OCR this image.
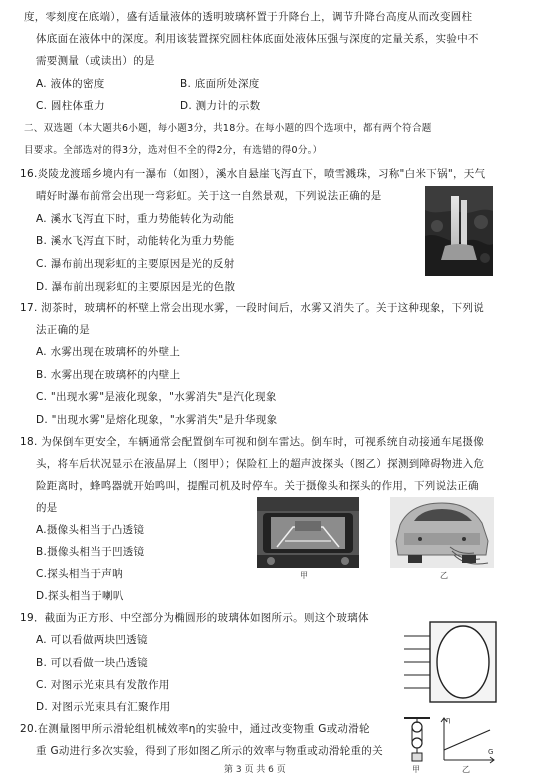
度，零刻度在底端），盛有适量液体的透明玻璃杯置于升降台上，调节升降台高度从而改变圆柱
体底面在液体中的深度。利用该装置探究圆柱体底面处液体压强与深度的定量关系，实验中不
需要测量（或读出）的是
A. 液体的密度	B. 底面所处深度
C. 圆柱体重力	D. 测力计的示数
二、双选题（本大题共6小题，每小题3分，共18分。在每小题的四个选项中，都有两个符合题
目要求。全部选对的得3分，选对但不全的得2分，有选错的得0分。）
16.炎陵龙渡瑶乡境内有一瀑布（如图），溪水自悬崖飞泻直下，喷雪溅珠，习称"白米下锅"，天气
晴好时瀑布前常会出现一弯彩虹。关于这一自然景观，下列说法正确的是
A. 溪水飞泻直下时，重力势能转化为动能
B. 溪水飞泻直下时，动能转化为重力势能
C. 瀑布前出现彩虹的主要原因是光的反射
D. 瀑布前出现彩虹的主要原因是光的色散
17. 沏茶时，玻璃杯的杯壁上常会出现水雾，一段时间后，水雾又消失了。关于这种现象，下列说
法正确的是
A. 水雾出现在玻璃杯的外壁上
B. 水雾出现在玻璃杯的内壁上
C. "出现水雾"是液化现象，"水雾消失"是汽化现象
D. "出现水雾"是熔化现象，"水雾消失"是升华现象
18. 为保倒车更安全，车辆通常会配置倒车可视和倒车雷达。倒车时，可视系统自动接通车尾摄像
头，将车后状况显示在液晶屏上（图甲）；保险杠上的超声波探头（图乙）探测到障碍物进入危
险距离时，蜂鸣器就开始鸣叫，提醒司机及时停车。关于摄像头和探头的作用，下列说法正确
的是
A.摄像头相当于凸透镜
B.摄像头相当于凹透镜
C.探头相当于声呐
D.探头相当于喇叭
19．截面为正方形、中空部分为椭圆形的玻璃体如图所示。则这个玻璃体
A. 可以看做两块凹透镜
B. 可以看做一块凸透镜
C. 对图示光束具有发散作用
D. 对图示光束具有汇聚作用
20.在测量图甲所示滑轮组机械效率η的实验中，通过改变物重 G或动滑轮
重 G动进行多次实验，得到了形如图乙所示的效率与物重或动滑轮重的关
甲	乙
甲
η
G
乙
第 3 页 共 6 页
